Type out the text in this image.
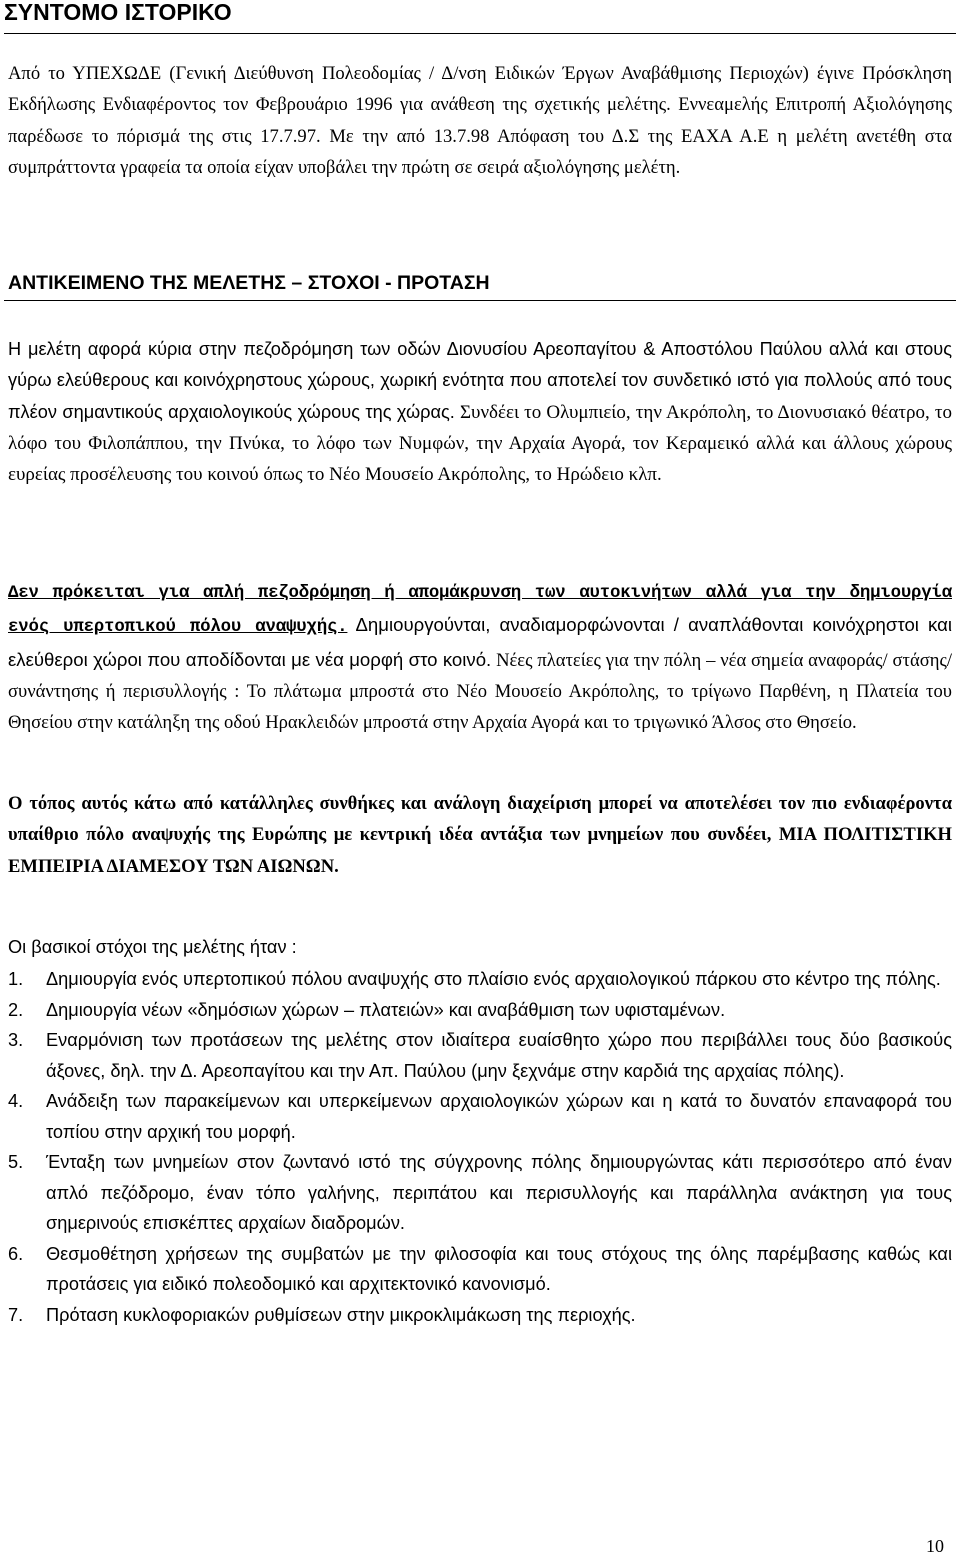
ΣΥΝΤΟΜΟ ΙΣΤΟΡΙΚΟ

Από το ΥΠΕΧΩΔΕ (Γενική Διεύθυνση Πολεοδομίας / Δ/νση Ειδικών Έργων Αναβάθμισης Περιοχών) έγινε Πρόσκληση Εκδήλωσης Ενδιαφέροντος τον Φεβρουάριο 1996 για ανάθεση της σχετικής μελέτης. Εννεαμελής Επιτροπή Αξιολόγησης παρέδωσε το πόρισμά της στις 17.7.97. Με την από 13.7.98 Απόφαση του Δ.Σ της ΕΑΧΑ Α.Ε η μελέτη ανετέθη στα συμπράττοντα γραφεία τα οποία είχαν υποβάλει την πρώτη σε σειρά αξιολόγησης μελέτη.

ΑΝΤΙΚΕΙΜΕΝΟ ΤΗΣ ΜΕΛΕΤΗΣ – ΣΤΟΧΟΙ - ΠΡΟΤΑΣΗ

Η μελέτη αφορά κύρια στην πεζοδρόμηση των οδών Διονυσίου Αρεοπαγίτου & Αποστόλου Παύλου αλλά και στους γύρω ελεύθερους και κοινόχρηστους χώρους, χωρική ενότητα που αποτελεί τον συνδετικό ιστό για πολλούς από τους πλέον σημαντικούς αρχαιολογικούς χώρους της χώρας. Συνδέει το Ολυμπιείο, την Ακρόπολη, το Διονυσιακό θέατρο, το λόφο του Φιλοπάππου, την Πνύκα, το λόφο των Νυμφών, την Αρχαία Αγορά, τον Κεραμεικό αλλά και άλλους χώρους ευρείας προσέλευσης του κοινού όπως το Νέο Μουσείο Ακρόπολης, το Ηρώδειο κλπ.

Δεν πρόκειται για απλή πεζοδρόμηση ή απομάκρυνση των αυτοκινήτων αλλά για την δημιουργία ενός υπερτοπικού πόλου αναψυχής. Δημιουργούνται, αναδιαμορφώνονται / αναπλάθονται κοινόχρηστοι και ελεύθεροι χώροι που αποδίδονται με νέα μορφή στο κοινό. Νέες πλατείες για την πόλη – νέα σημεία αναφοράς/ στάσης/ συνάντησης ή περισυλλογής : Το πλάτωμα μπροστά στο Νέο Μουσείο Ακρόπολης, το τρίγωνο Παρθένη, η Πλατεία του Θησείου στην κατάληξη της οδού Ηρακλειδών μπροστά στην Αρχαία Αγορά και το τριγωνικό Άλσος στο Θησείο.

Ο τόπος αυτός κάτω από κατάλληλες συνθήκες και ανάλογη διαχείριση μπορεί να αποτελέσει τον πιο ενδιαφέροντα υπαίθριο πόλο αναψυχής της Ευρώπης με κεντρική ιδέα αντάξια των μνημείων που συνδέει, ΜΙΑ ΠΟΛΙΤΙΣΤΙΚΗ ΕΜΠΕΙΡΙΑ ΔΙΑΜΕΣΟΥ ΤΩΝ ΑΙΩΝΩΝ.

Οι βασικοί στόχοι της μελέτης ήταν :

1. Δημιουργία ενός υπερτοπικού πόλου αναψυχής στο πλαίσιο ενός αρχαιολογικού πάρκου στο κέντρο της πόλης.
2. Δημιουργία νέων «δημόσιων χώρων – πλατειών» και αναβάθμιση των υφισταμένων.
3. Εναρμόνιση των προτάσεων της μελέτης στον ιδιαίτερα ευαίσθητο χώρο που περιβάλλει τους δύο βασικούς άξονες, δηλ. την Δ. Αρεοπαγίτου και την Απ. Παύλου (μην ξεχνάμε στην καρδιά της αρχαίας πόλης).
4. Ανάδειξη των παρακείμενων και υπερκείμενων αρχαιολογικών χώρων και η κατά το δυνατόν επαναφορά του τοπίου στην αρχική του μορφή.
5. Ένταξη των μνημείων στον ζωντανό ιστό της σύγχρονης πόλης δημιουργώντας κάτι περισσότερο από έναν απλό πεζόδρομο, έναν τόπο γαλήνης, περιπάτου και περισυλλογής και παράλληλα ανάκτηση για τους σημερινούς επισκέπτες αρχαίων διαδρομών.
6. Θεσμοθέτηση χρήσεων της συμβατών με την φιλοσοφία και τους στόχους της όλης παρέμβασης καθώς και προτάσεις για ειδικό πολεοδομικό και αρχιτεκτονικό κανονισμό.
7. Πρόταση κυκλοφοριακών ρυθμίσεων στην μικροκλιμάκωση της περιοχής.
10
